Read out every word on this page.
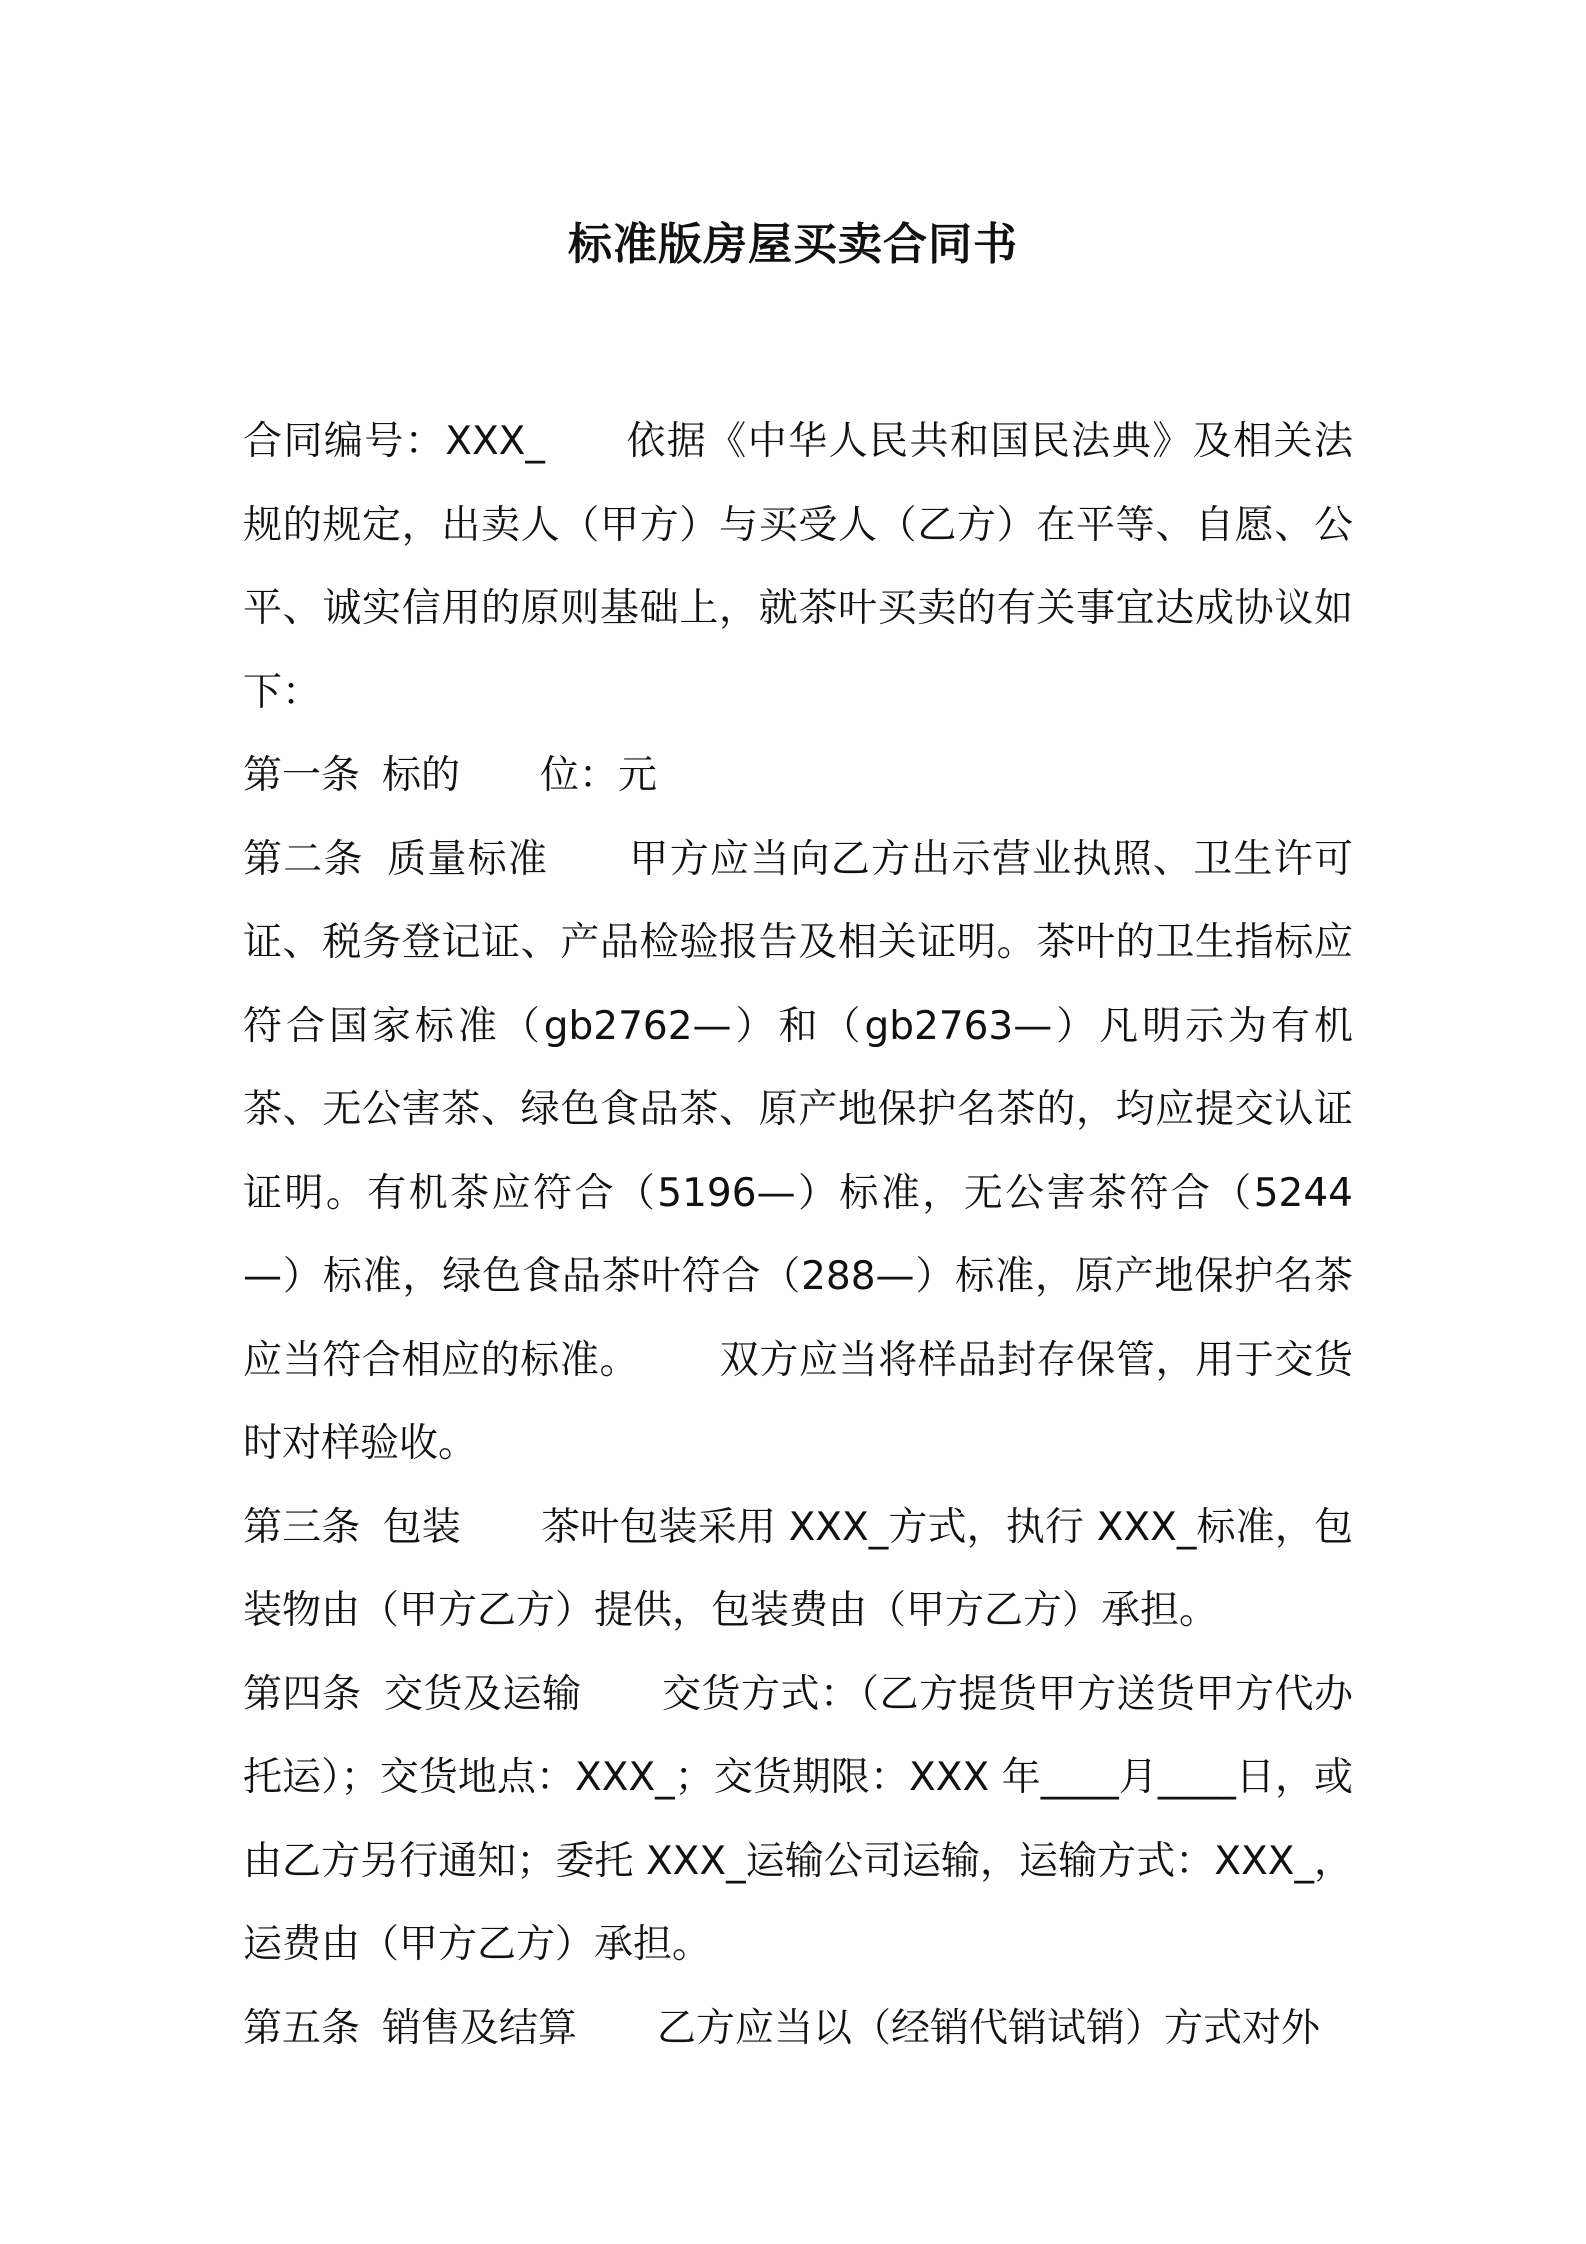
标准版房屋买卖合同书

合同编号：XXX_ 依据《中华人民共和国民法典》及相关法规的规定，出卖人（甲方）与买受人（乙方）在平等、自愿、公平、诚实信用的原则基础上，就茶叶买卖的有关事宜达成协议如下：

第一条 标的 位：元

第二条 质量标准 甲方应当向乙方出示营业执照、卫生许可证、税务登记证、产品检验报告及相关证明。茶叶的卫生指标应符合国家标准（gb2762—）和（gb2763—）凡明示为有机茶、无公害茶、绿色食品茶、原产地保护名茶的，均应提交认证证明。有机茶应符合（5196—）标准，无公害茶符合（5244—）标准，绿色食品茶叶符合（288—）标准，原产地保护名茶应当符合相应的标准。 双方应当将样品封存保管，用于交货时对样验收。

第三条 包装 茶叶包装采用 XXX_方式，执行 XXX_标准，包装物由（甲方乙方）提供，包装费由（甲方乙方）承担。

第四条 交货及运输 交货方式：（乙方提货甲方送货甲方代办托运）；交货地点：XXX_；交货期限：XXX 年____月____日，或由乙方另行通知；委托 XXX_运输公司运输，运输方式：XXX_，运费由（甲方乙方）承担。

第五条 销售及结算 乙方应当以（经销代销试销）方式对外
